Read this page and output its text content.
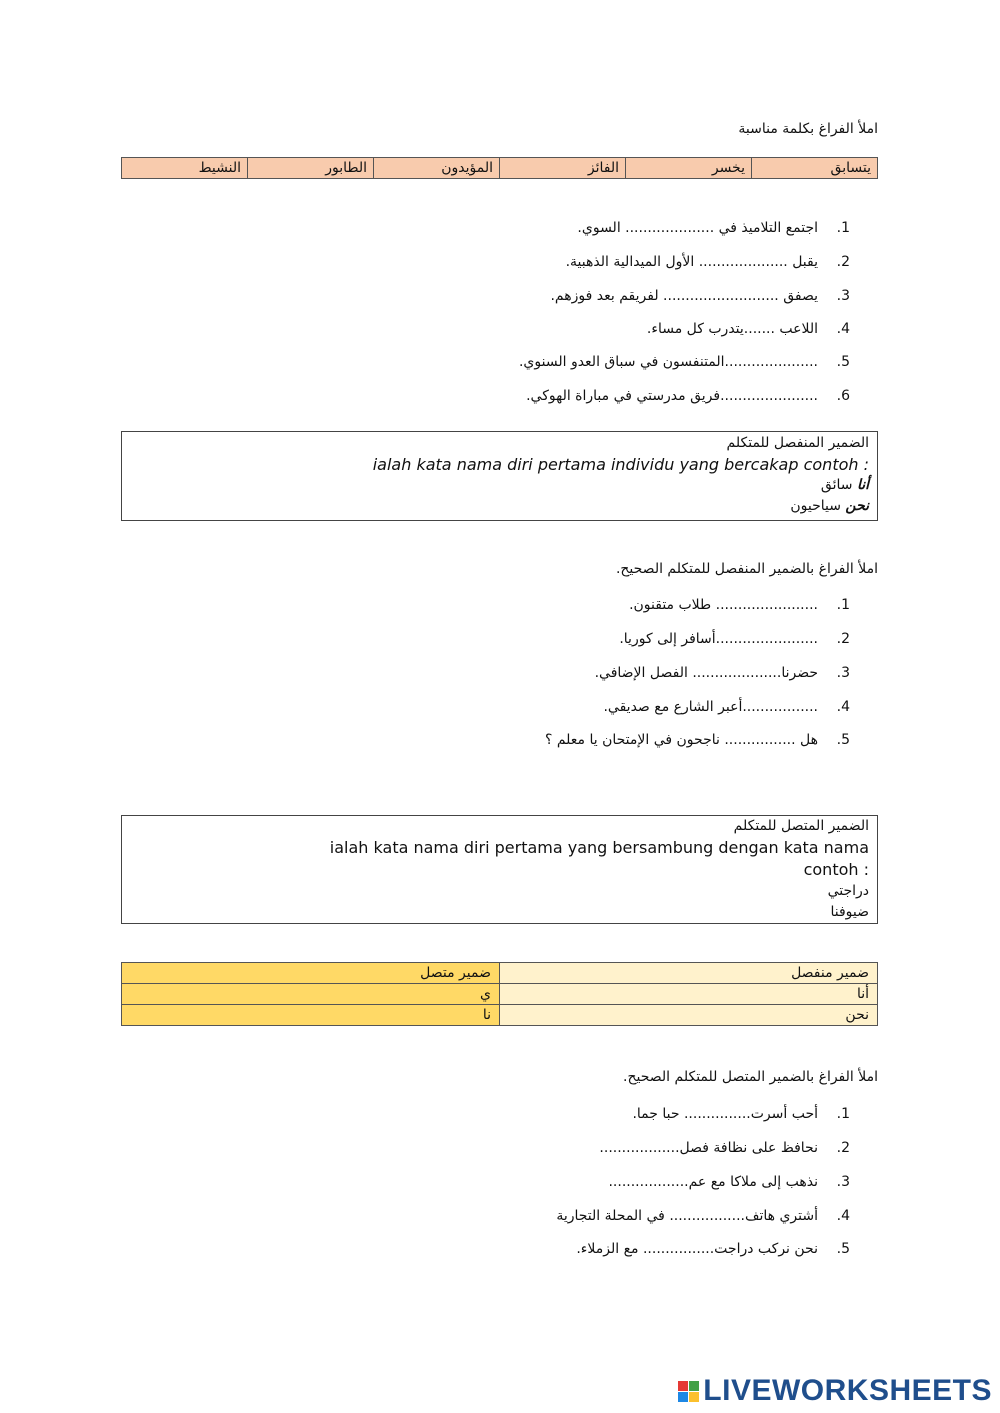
املأ الفراغ بكلمة مناسبة
يتسابق	يخسر	الفائز	المؤيدون	الطابور	النشيط
1.اجتمع التلاميذ في .................... السوي.
2.يقبل .................... الأول الميدالية الذهبية.
3.يصفق .......................... لفريقم بعد فوزهم.
4.اللاعب .......يتدرب كل مساء.
5......................المتنفسون في سباق العدو السنوي.
6.......................فريق مدرستي في مباراة الهوكي.
الضمير المنفصل للمتكلم
ialah kata nama diri pertama individu yang bercakap contoh :
أنا سائق
نحن سياحيون
املأ الفراغ بالضمير المنفصل للمتكلم الصحيح.
1........................ طلاب متقنون.
2........................أسافر إلى كوريا.
3.حضرنا.................... الفصل الإضافي.
4..................أعبر الشارع مع صديقي.
5.هل ................ ناجحون في الإمتحان يا معلم ؟
الضمير المتصل للمتكلم
ialah kata nama diri pertama yang bersambung dengan kata nama
contoh :
دراجتي
ضيوفنا
ضمير منفصل	ضمير متصل
أنا	ي
نحن	نا
املأ الفراغ بالضمير المتصل للمتكلم الصحيح.
1.أحب أسرت............... حبا جما.
2.نحافظ على نظافة فصل..................
3.نذهب إلى ملاكا مع عم..................
4.أشتري هاتف................. في المحلة التجارية
5.نحن نركب دراجت................ مع الزملاء.
LIVEWORKSHEETS
